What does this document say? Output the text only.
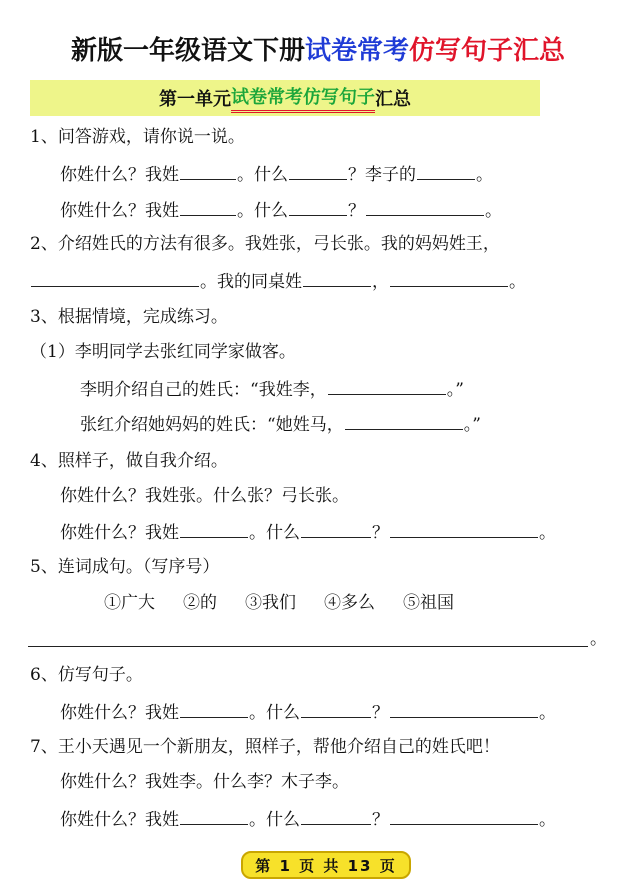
新版一年级语文下册试卷常考仿写句子汇总
第一单元 试卷常考仿写句子 汇总
1、问答游戏，请你说一说。
你姓什么？我姓	。什么	？李子的	。
你姓什么？我姓	。什么	？	。
2、介绍姓氏的方法有很多。我姓张，弓长张。我的妈妈姓王，
。我的同桌姓	，	。
3、根据情境，完成练习。
（1）李明同学去张红同学家做客。
李明介绍自己的姓氏：“我姓李，	。”
张红介绍她妈妈的姓氏：“她姓马，	。”
4、照样子，做自我介绍。
你姓什么？我姓张。什么张？弓长张。
你姓什么？我姓	。什么	？	。
5、连词成句。（写序号）
①广大 ②的 ③我们 ④多么 ⑤祖国
。
6、仿写句子。
你姓什么？我姓	。什么	？	。
7、王小天遇见一个新朋友，照样子，帮他介绍自己的姓氏吧！
你姓什么？我姓李。什么李？木子李。
你姓什么？我姓	。什么	？	。
第 1 页 共 13 页
